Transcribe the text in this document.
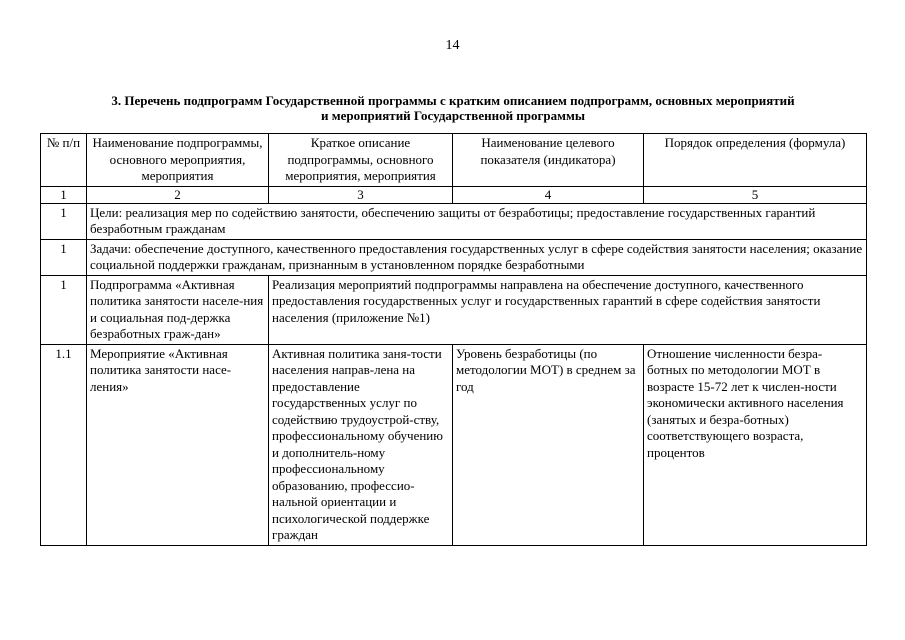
14
3. Перечень подпрограмм Государственной программы с кратким описанием подпрограмм, основных мероприятий
и мероприятий Государственной программы
№ п/п	Наименование подпрограммы, основного мероприятия, мероприятия	Краткое описание подпрограммы, основного мероприятия, мероприятия	Наименование целевого показателя (индикатора)	Порядок определения (формула)
1	2	3	4	5
1	Цели: реализация мер по содействию занятости, обеспечению защиты от безработицы; предоставление государственных гарантий безработным гражданам			
1	Задачи: обеспечение доступного, качественного предоставления государственных услуг в сфере содействия занятости населения; оказание социальной поддержки гражданам, признанным в установленном порядке безработными			
1	Подпрограмма «Активная политика занятости населе-ния и социальная под-держка безработных граж-дан»	Реализация мероприятий подпрограммы направлена на обеспечение доступного, качественного предоставления государственных услуг и государственных гарантий в сфере содействия занятости населения (приложение №1)		
1.1	Мероприятие «Активная политика занятости насе-ления»	Активная политика заня-тости населения направ-лена на предоставление государственных услуг по содействию трудоустрой-ству, профессиональному обучению и дополнитель-ному профессиональному образованию, профессио-нальной ориентации и психологической поддержке граждан	Уровень безработицы (по методологии МОТ) в среднем за год	Отношение численности безра-ботных по методологии МОТ в возрасте 15-72 лет к числен-ности экономически активного населения (занятых и безра-ботных) соответствующего возраста, процентов
